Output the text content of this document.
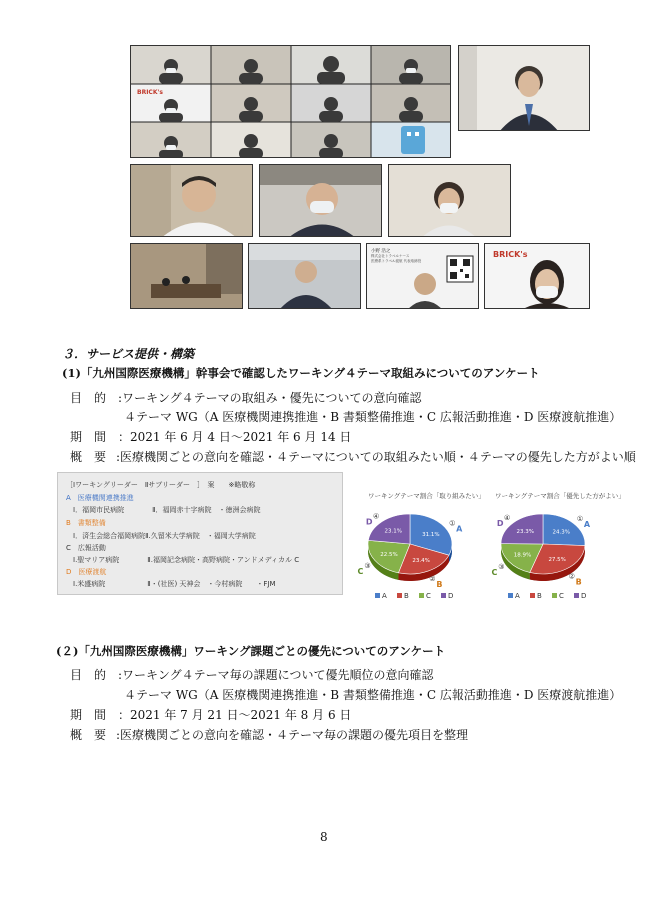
BRICK's
小野 浩之
株式会社トラベルナース
医療系トラベル渡航 代表取締役
BRICK's
３．サービス提供・構築
(1)「九州国際医療機構」幹事会で確認したワーキング４テーマ取組みについてのアンケート
目　的 :ワーキング４テーマの取組み・優先についての意向確認
４テーマ WG（A 医療機関連携推進・B 書類整備推進・C 広報活動推進・D 医療渡航推進）
期　間 ：2021 年 6 月 4 日〜2021 年 6 月 14 日
概　要 :医療機関ごとの意向を確認・４テーマについての取組みたい順・４テーマの優先した方がよい順
［Ⅰワーキングリーダー　Ⅱサブリーダー　］　案　　※略敬称
A　医療機関連携推進
　Ⅰ．福岡市民病院　　　　Ⅱ．福岡赤十字病院　・徳洲会病院
B　書類整備
　Ⅰ．済生会総合福岡病院Ⅱ.久留米大学病院　・福岡大学病院
C　広報活動
　Ⅰ.聖マリア病院　　　　Ⅱ.福岡記念病院・高野病院・アンドメディカル C
D　医療渡航
　Ⅰ.米盛病院　　　　　　Ⅱ・(社医) 天神会　・今村病院　　・FJM
ワーキングテーマ割合「取り組みたい」
31.1%
①
A
23.4%
②
B
22.5%
③
C
23.1%
④
D
A B C D
ワーキングテーマ割合「優先した方がよい」
24.3%
①
A
27.5%
②
B
18.9%
③
C
23.3%
④
D
A B C D
(２)「九州国際医療機構」ワーキング課題ごとの優先についてのアンケート
目　的 :ワーキング４テーマ毎の課題について優先順位の意向確認
４テーマ WG（A 医療機関連携推進・B 書類整備推進・C 広報活動推進・D 医療渡航推進）
期　間 ：2021 年 7 月 21 日〜2021 年 8 月 6 日
概　要 :医療機関ごとの意向を確認・４テーマ毎の課題の優先項目を整理
8
